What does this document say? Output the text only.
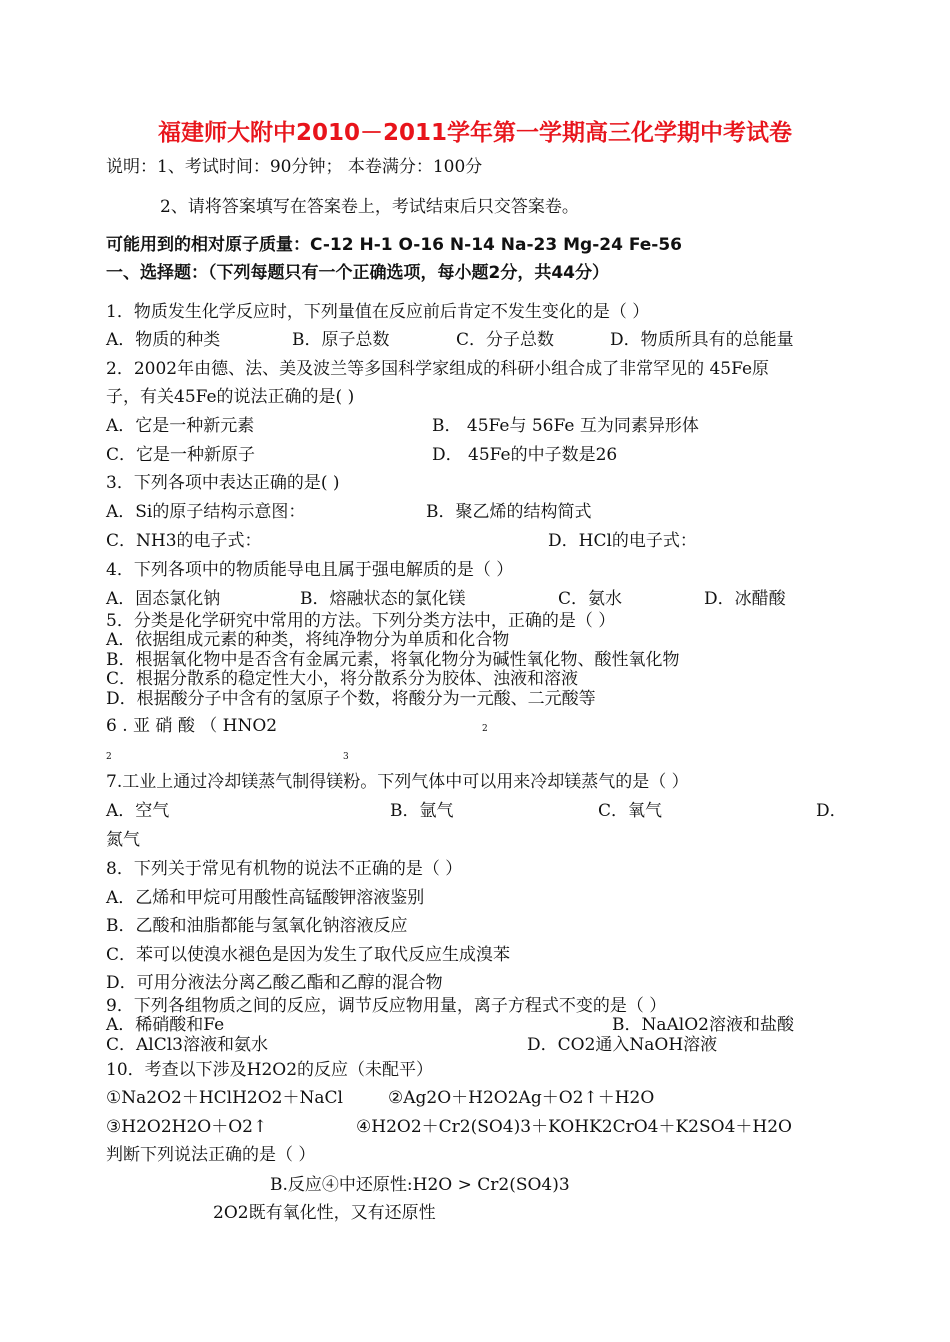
福建师大附中2010－2011学年第一学期高三化学期中考试卷
说明：1、考试时间：90分钟； 本卷满分：100分
2、请将答案填写在答案卷上，考试结束后只交答案卷。
可能用到的相对原子质量：C-12 H-1 O-16 N-14 Na-23 Mg-24 Fe-56
一、选择题：（下列每题只有一个正确选项，每小题2分，共44分）
1．物质发生化学反应时，下列量值在反应前后肯定不发生变化的是（ ）
A．物质的种类	B．原子总数	C．分子总数	D．物质所具有的总能量
2．2002年由德、法、美及波兰等多国科学家组成的科研小组合成了非常罕见的 45Fe原
子，有关45Fe的说法正确的是( )
A．它是一种新元素	B． 45Fe与 56Fe 互为同素异形体
C．它是一种新原子	D． 45Fe的中子数是26
3．下列各项中表达正确的是( )
A．Si的原子结构示意图：	B．聚乙烯的结构简式
C．NH3的电子式：	D．HCl的电子式：
4．下列各项中的物质能导电且属于强电解质的是（ ）
A．固态氯化钠	B．熔融状态的氯化镁	C．氨水	D．冰醋酸
5．分类是化学研究中常用的方法。下列分类方法中，正确的是（ ）
A．依据组成元素的种类，将纯净物分为单质和化合物
B．根据氧化物中是否含有金属元素，将氧化物分为碱性氧化物、酸性氧化物
C．根据分散系的稳定性大小，将分散系分为胶体、浊液和溶液
D．根据酸分子中含有的氢原子个数，将酸分为一元酸、二元酸等
6 . 亚 硝 酸 （ HNO2	2
2	3
7.工业上通过冷却镁蒸气制得镁粉。下列气体中可以用来冷却镁蒸气的是（ ）
A．空气	B．氩气	C．氧气	D．
氮气
8．下列关于常见有机物的说法不正确的是（ ）
A．乙烯和甲烷可用酸性高锰酸钾溶液鉴别
B．乙酸和油脂都能与氢氧化钠溶液反应
C．苯可以使溴水褪色是因为发生了取代反应生成溴苯
D．可用分液法分离乙酸乙酯和乙醇的混合物
9．下列各组物质之间的反应，调节反应物用量，离子方程式不变的是（ ）
A．稀硝酸和Fe	B．NaAlO2溶液和盐酸
C．AlCl3溶液和氨水	D．CO2通入NaOH溶液
10．考查以下涉及H2O2的反应（未配平）
①Na2O2＋HClH2O2＋NaCl	②Ag2O＋H2O2Ag＋O2↑＋H2O
③H2O2H2O＋O2↑	④H2O2＋Cr2(SO4)3＋KOHK2CrO4＋K2SO4＋H2O
判断下列说法正确的是（ ）
B.反应④中还原性:H2O > Cr2(SO4)3
2O2既有氧化性，又有还原性
